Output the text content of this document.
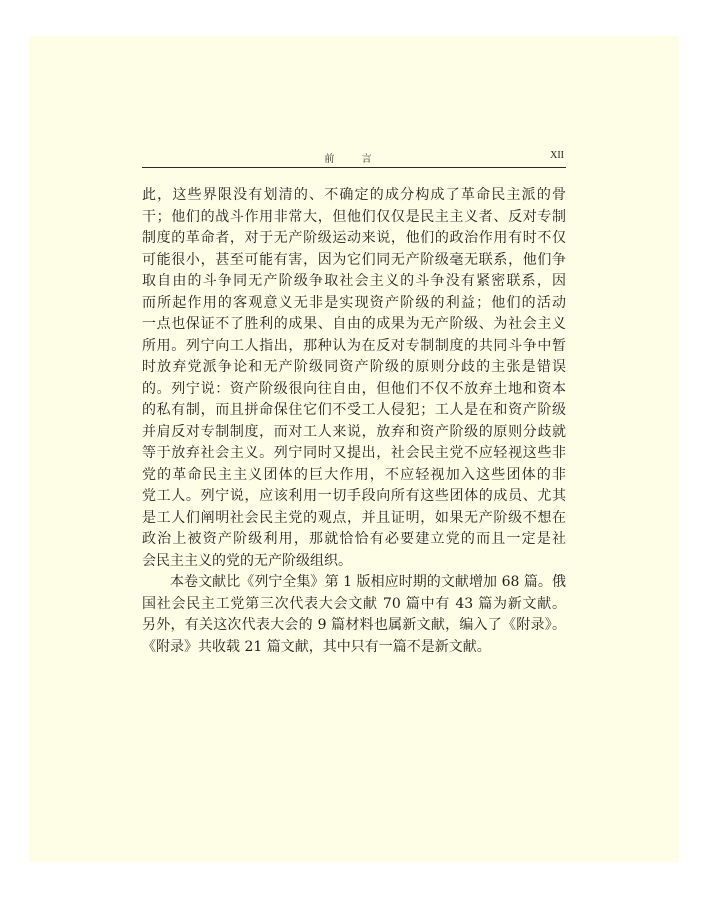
前 言	XII
此，这些界限没有划清的、不确定的成分构成了革命民主派的骨
干；他们的战斗作用非常大，但他们仅仅是民主主义者、反对专制
制度的革命者，对于无产阶级运动来说，他们的政治作用有时不仅
可能很小，甚至可能有害，因为它们同无产阶级毫无联系，他们争
取自由的斗争同无产阶级争取社会主义的斗争没有紧密联系，因
而所起作用的客观意义无非是实现资产阶级的利益；他们的活动
一点也保证不了胜利的成果、自由的成果为无产阶级、为社会主义
所用。列宁向工人指出，那种认为在反对专制制度的共同斗争中暂
时放弃党派争论和无产阶级同资产阶级的原则分歧的主张是错误
的。列宁说：资产阶级很向往自由，但他们不仅不放弃土地和资本
的私有制，而且拼命保住它们不受工人侵犯；工人是在和资产阶级
并肩反对专制制度，而对工人来说，放弃和资产阶级的原则分歧就
等于放弃社会主义。列宁同时又提出，社会民主党不应轻视这些非
党的革命民主主义团体的巨大作用，不应轻视加入这些团体的非
党工人。列宁说，应该利用一切手段向所有这些团体的成员、尤其
是工人们阐明社会民主党的观点，并且证明，如果无产阶级不想在
政治上被资产阶级利用，那就恰恰有必要建立党的而且一定是社
会民主主义的党的无产阶级组织。
本卷文献比《列宁全集》第 1 版相应时期的文献增加 68 篇。俄
国社会民主工党第三次代表大会文献 70 篇中有 43 篇为新文献。
另外，有关这次代表大会的 9 篇材料也属新文献，编入了《附录》。
《附录》共收载 21 篇文献，其中只有一篇不是新文献。
